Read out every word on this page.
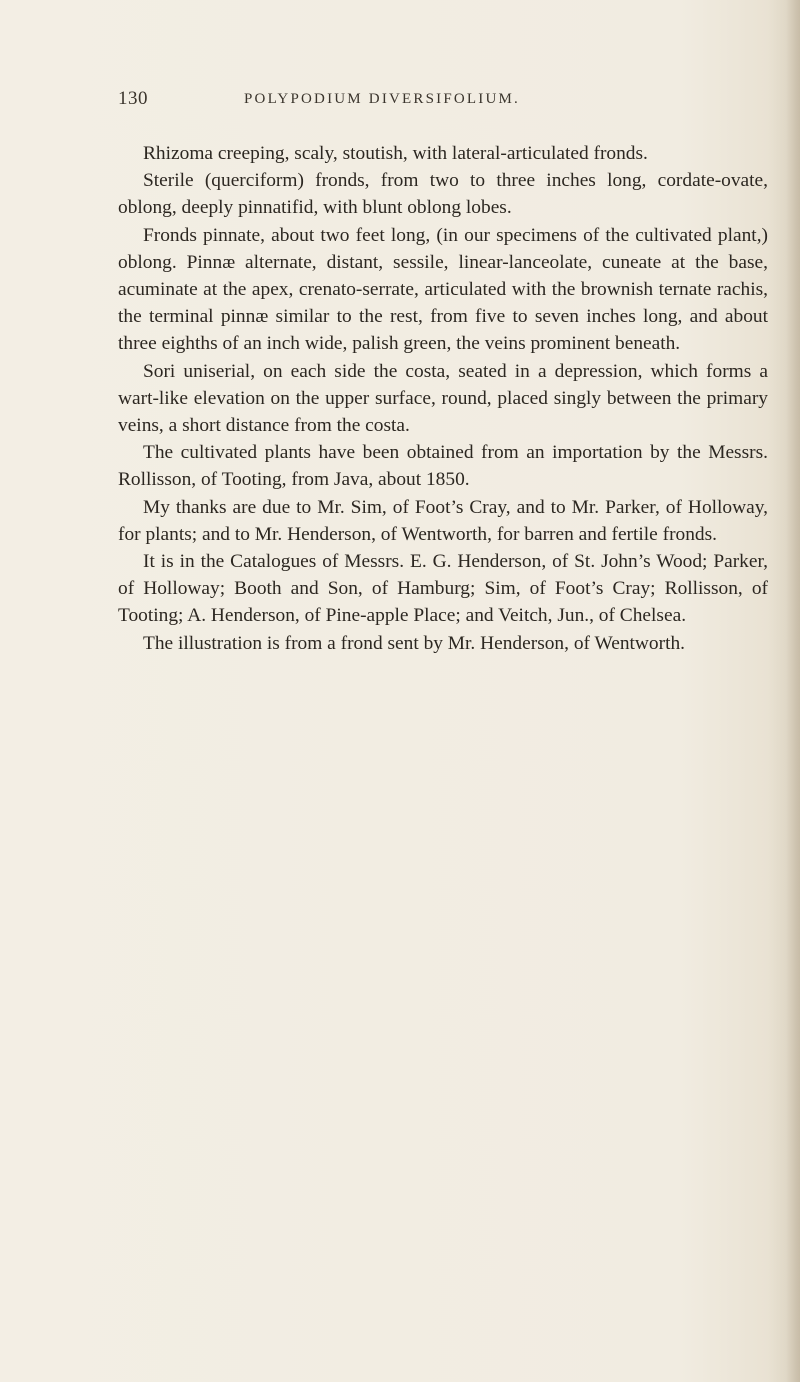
130	POLYPODIUM DIVERSIFOLIUM.

Rhizoma creeping, scaly, stoutish, with lateral-articulated fronds.

Sterile (querciform) fronds, from two to three inches long, cordate-ovate, oblong, deeply pinnatifid, with blunt oblong lobes.

Fronds pinnate, about two feet long, (in our specimens of the cultivated plant,) oblong. Pinnæ alternate, distant, sessile, linear-lanceolate, cuneate at the base, acuminate at the apex, crenato-serrate, articulated with the brownish ternate rachis, the terminal pinnæ similar to the rest, from five to seven inches long, and about three eighths of an inch wide, palish green, the veins prominent beneath.

Sori uniserial, on each side the costa, seated in a depression, which forms a wart-like elevation on the upper surface, round, placed singly between the primary veins, a short distance from the costa.

The cultivated plants have been obtained from an importation by the Messrs. Rollisson, of Tooting, from Java, about 1850.

My thanks are due to Mr. Sim, of Foot’s Cray, and to Mr. Parker, of Holloway, for plants; and to Mr. Henderson, of Wentworth, for barren and fertile fronds.

It is in the Catalogues of Messrs. E. G. Henderson, of St. John’s Wood; Parker, of Holloway; Booth and Son, of Hamburg; Sim, of Foot’s Cray; Rollisson, of Tooting; A. Henderson, of Pine-apple Place; and Veitch, Jun., of Chelsea.

The illustration is from a frond sent by Mr. Henderson, of Wentworth.
